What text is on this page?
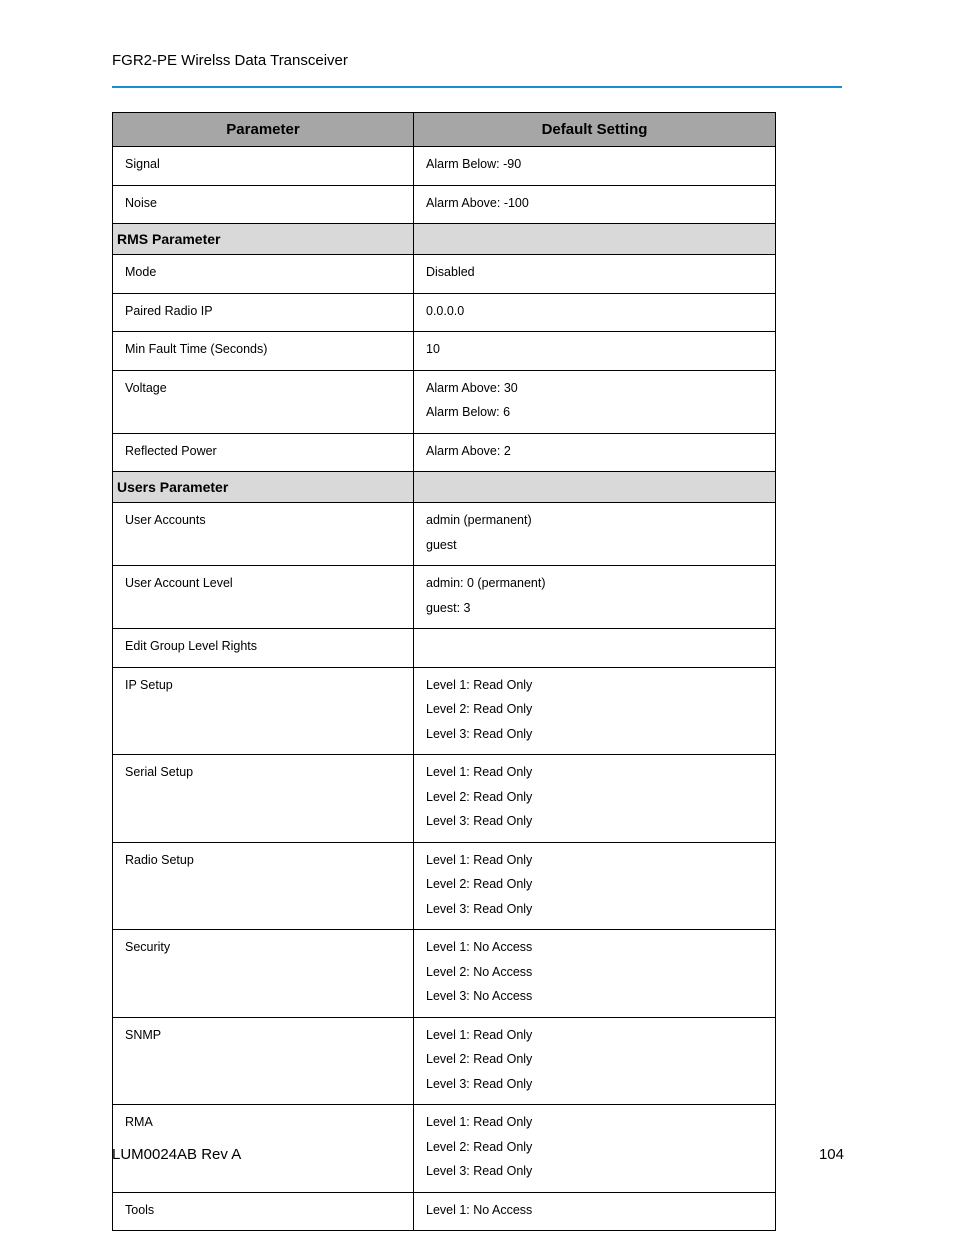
FGR2-PE Wirelss Data Transceiver
Parameter	Default Setting

Signal	Alarm Below: -90

Noise	Alarm Above: -100

RMS Parameter	

Mode	Disabled

Paired Radio IP	0.0.0.0

Min Fault Time (Seconds)	10

Voltage	Alarm Above: 30
Alarm Below: 6

Reflected Power	Alarm Above: 2

Users Parameter	

User Accounts	admin (permanent)
guest

User Account Level	admin: 0 (permanent)
guest: 3

Edit Group Level Rights	

IP Setup	Level 1: Read Only
Level 2: Read Only
Level 3: Read Only

Serial Setup	Level 1: Read Only
Level 2: Read Only
Level 3: Read Only

Radio Setup	Level 1: Read Only
Level 2: Read Only
Level 3: Read Only

Security	Level 1: No Access
Level 2: No Access
Level 3: No Access

SNMP	Level 1: Read Only
Level 2: Read Only
Level 3: Read Only

RMA	Level 1: Read Only
Level 2: Read Only
Level 3: Read Only

Tools	Level 1: No Access
LUM0024AB Rev A	104
